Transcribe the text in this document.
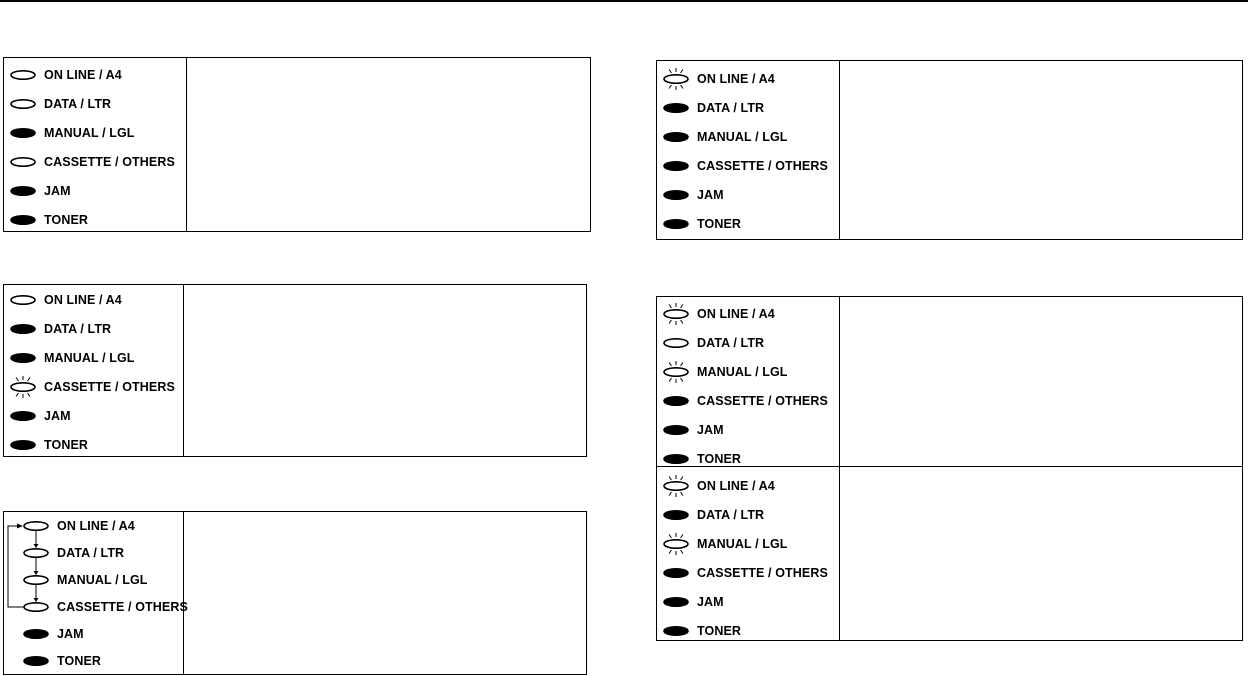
ON LINE / A4
DATA / LTR
MANUAL / LGL
CASSETTE / OTHERS
JAM
TONER
ON LINE / A4
DATA / LTR
MANUAL / LGL
CASSETTE / OTHERS
JAM
TONER
ON LINE / A4
DATA / LTR
MANUAL / LGL
CASSETTE / OTHERS
JAM
TONER
ON LINE / A4
DATA / LTR
MANUAL / LGL
CASSETTE / OTHERS
JAM
TONER
ON LINE / A4
DATA / LTR
MANUAL / LGL
CASSETTE / OTHERS
JAM
TONER
ON LINE / A4
DATA / LTR
MANUAL / LGL
CASSETTE / OTHERS
JAM
TONER
